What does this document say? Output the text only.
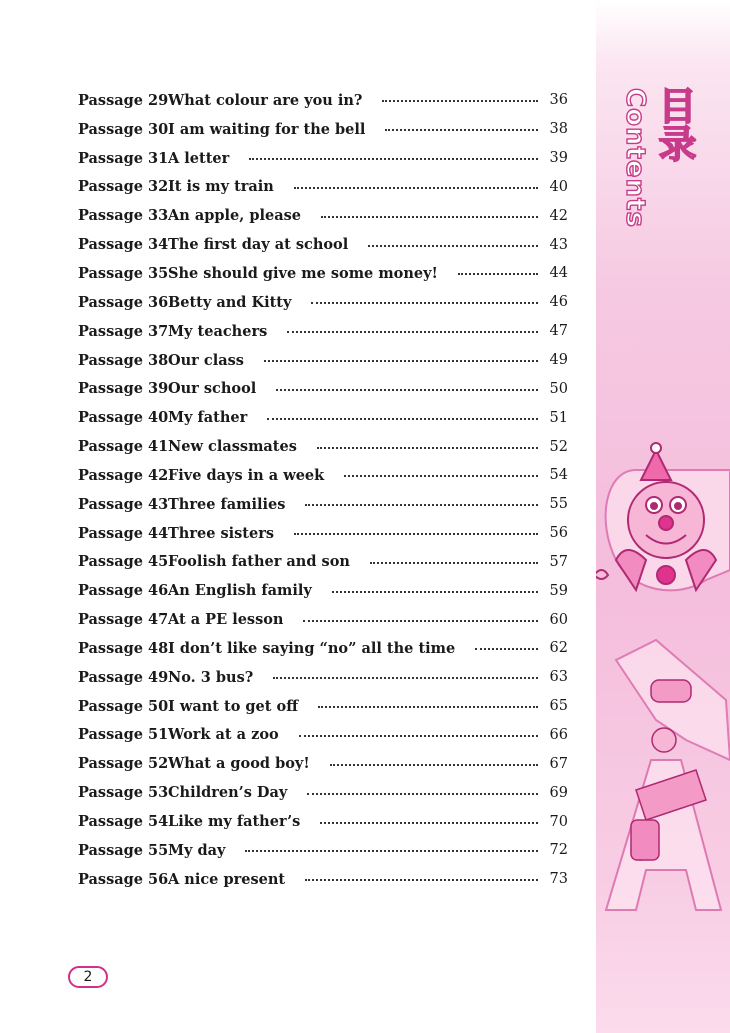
Passage 29 What colour are you in?	36
Passage 30 I am waiting for the bell	38
Passage 31 A letter	39
Passage 32 It is my train	40
Passage 33 An apple, please	42
Passage 34 The first day at school	43
Passage 35 She should give me some money!	44
Passage 36 Betty and Kitty	46
Passage 37 My teachers	47
Passage 38 Our class	49
Passage 39 Our school	50
Passage 40 My father	51
Passage 41 New classmates	52
Passage 42 Five days in a week	54
Passage 43 Three families	55
Passage 44 Three sisters	56
Passage 45 Foolish father and son	57
Passage 46 An English family	59
Passage 47 At a PE lesson	60
Passage 48 I don’t like saying “no” all the time	62
Passage 49 No. 3 bus?	63
Passage 50 I want to get off	65
Passage 51 Work at a zoo	66
Passage 52 What a good boy!	67
Passage 53 Children’s Day	69
Passage 54 Like my father’s	70
Passage 55 My day	72
Passage 56 A nice present	73
Contents 目录
2
